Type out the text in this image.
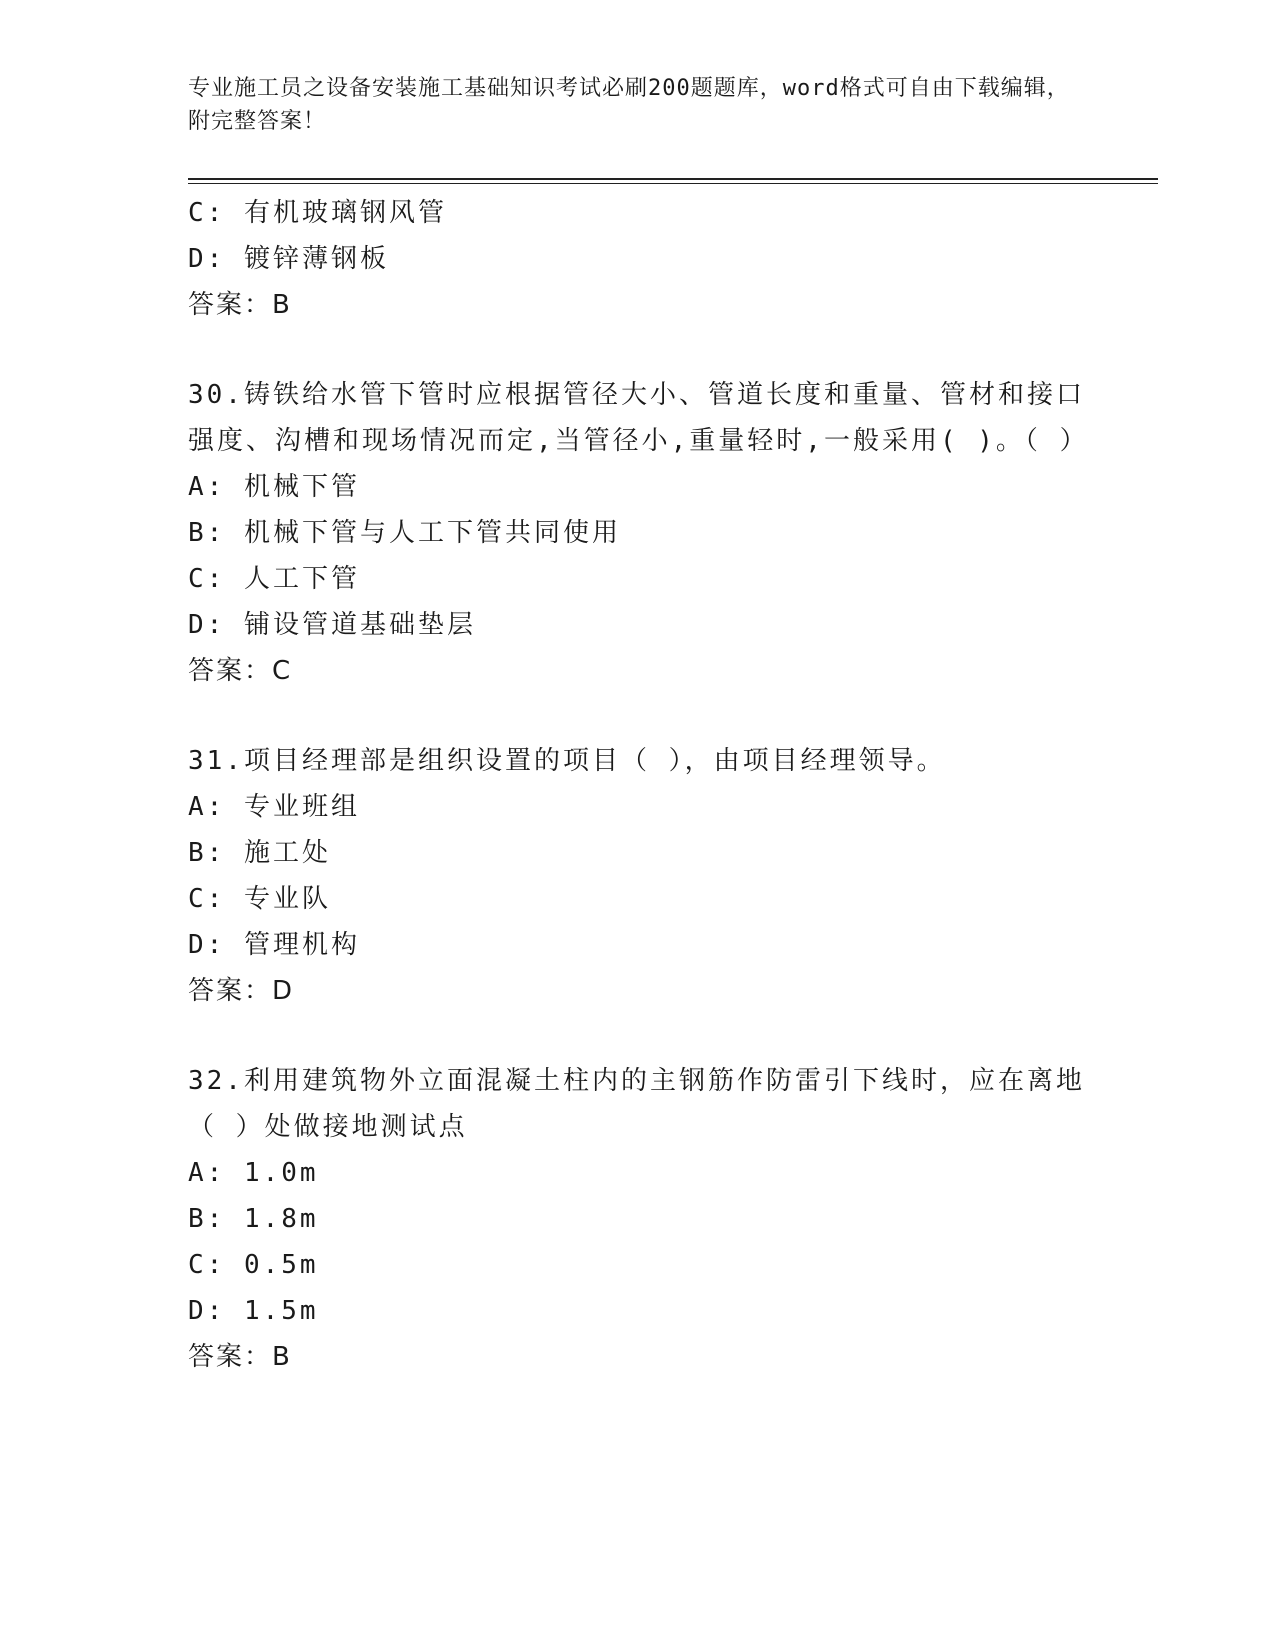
专业施工员之设备安装施工基础知识考试必刷200题题库，word格式可自由下载编辑，附完整答案！
C: 有机玻璃钢风管
D: 镀锌薄钢板
答案：B
30.铸铁给水管下管时应根据管径大小、管道长度和重量、管材和接口强度、沟槽和现场情况而定,当管径小,重量轻时,一般采用( )。（ ）
A: 机械下管
B: 机械下管与人工下管共同使用
C: 人工下管
D: 铺设管道基础垫层
答案：C
31.项目经理部是组织设置的项目（ ），由项目经理领导。
A: 专业班组
B: 施工处
C: 专业队
D: 管理机构
答案：D
32.利用建筑物外立面混凝土柱内的主钢筋作防雷引下线时，应在离地（ ）处做接地测试点
A: 1.0m
B: 1.8m
C: 0.5m
D: 1.5m
答案：B
